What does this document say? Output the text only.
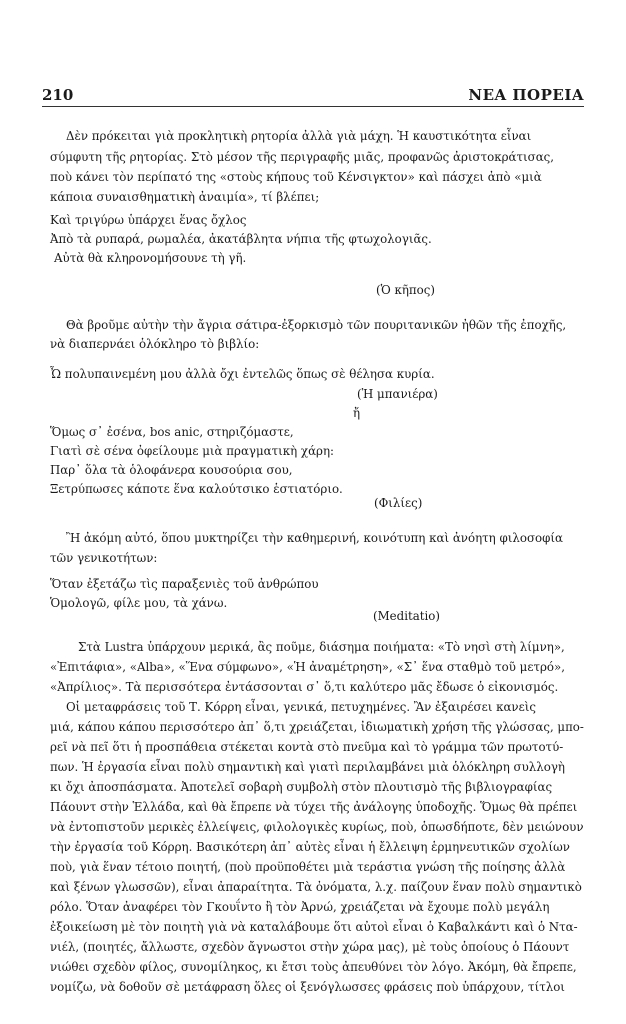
210	ΝΕΑ ΠΟΡΕΙΑ
Δὲν πρόκειται γιὰ προκλητικὴ ρητορία ἀλλὰ γιὰ μάχη. Ἡ καυστικότητα εἶναι
σύμφυτη τῆς ρητορίας. Στὸ μέσον τῆς περιγραφῆς μιᾶς, προφανῶς ἀριστοκράτισας,
ποὺ κάνει τὸν περίπατό της «στοὺς κήπους τοῦ Κένσιγκτον» καὶ πάσχει ἀπὸ «μιὰ
κάποια συναισθηματικὴ ἀναιμία», τί βλέπει;
Καὶ τριγύρω ὑπάρχει ἕνας ὄχλος
Ἀπὸ τὰ ρυπαρά, ρωμαλέα, ἀκατάβλητα νήπια τῆς φτωχολογιᾶς.
Αὐτὰ θὰ κληρονομήσουνε τὴ γῆ.
(Ὁ κῆπος)
Θὰ βροῦμε αὐτὴν τὴν ἄγρια σάτιρα-ἐξορκισμὸ τῶν πουριτανικῶν ἠθῶν τῆς ἐποχῆς,
νὰ διαπερνάει ὁλόκληρο τὸ βιβλίο:
Ὦ πολυπαινεμένη μου ἀλλὰ ὄχι ἐντελῶς ὅπως σὲ θέλησα κυρία.
(Ἡ μπανιέρα)
ἤ
Ὅμως σ᾽ ἐσένα, bos anic, στηριζόμαστε,
Γιατὶ σὲ σένα ὀφείλουμε μιὰ πραγματικὴ χάρη:
Παρ᾽ ὅλα τὰ ὁλοφάνερα κουσούρια σου,
Ξετρύπωσες κάποτε ἕνα καλούτσικο ἑστιατόριο.
(Φιλίες)
Ἢ ἀκόμη αὐτό, ὅπου μυκτηρίζει τὴν καθημερινή, κοινότυπη καὶ ἀνόητη φιλοσοφία
τῶν γενικοτήτων:
Ὅταν ἐξετάζω τὶς παραξενιὲς τοῦ ἀνθρώπου
Ὁμολογῶ, φίλε μου, τὰ χάνω.
(Meditatio)
Στὰ Lustra ὑπάρχουν μερικά, ἂς ποῦμε, διάσημα ποιήματα: «Τὸ νησὶ στὴ λίμνη»,
«Ἐπιτάφια», «Alba», «Ἕνα σύμφωνο», «Ἡ ἀναμέτρηση», «Σ᾽ ἕνα σταθμὸ τοῦ μετρό»,
«Ἀπρίλιος». Τὰ περισσότερα ἐντάσσονται σ᾽ ὅ,τι καλύτερο μᾶς ἔδωσε ὁ εἰκονισμός.
Οἱ μεταφράσεις τοῦ Τ. Κόρρη εἶναι, γενικά, πετυχημένες. Ἂν ἐξαιρέσει κανεὶς
μιά, κάπου κάπου περισσότερο ἀπ᾽ ὅ,τι χρειάζεται, ἰδιωματικὴ χρήση τῆς γλώσσας, μπο-
ρεῖ νὰ πεῖ ὅτι ἡ προσπάθεια στέκεται κοντὰ στὸ πνεῦμα καὶ τὸ γράμμα τῶν πρωτοτύ-
πων. Ἡ ἐργασία εἶναι πολὺ σημαντικὴ καὶ γιατὶ περιλαμβάνει μιὰ ὁλόκληρη συλλογὴ
κι ὄχι ἀποσπάσματα. Ἀποτελεῖ σοβαρὴ συμβολὴ στὸν πλουτισμὸ τῆς βιβλιογραφίας
Πάουντ στὴν Ἑλλάδα, καὶ θὰ ἔπρεπε νὰ τύχει τῆς ἀνάλογης ὑποδοχῆς. Ὅμως θὰ πρέπει
νὰ ἐντοπιστοῦν μερικὲς ἐλλείψεις, φιλολογικὲς κυρίως, ποὺ, ὁπωσδήποτε, δὲν μειώνουν
τὴν ἐργασία τοῦ Κόρρη. Βασικότερη ἀπ᾽ αὐτὲς εἶναι ἡ ἔλλειψη ἑρμηνευτικῶν σχολίων
ποὺ, γιὰ ἕναν τέτοιο ποιητή, (ποὺ προϋποθέτει μιὰ τεράστια γνώση τῆς ποίησης ἀλλὰ
καὶ ξένων γλωσσῶν), εἶναι ἀπαραίτητα. Τὰ ὀνόματα, λ.χ. παίζουν ἕναν πολὺ σημαντικὸ
ρόλο. Ὅταν ἀναφέρει τὸν Γκουΐντο ἢ τὸν Ἀρνώ, χρειάζεται νὰ ἔχουμε πολὺ μεγάλη
ἐξοικείωση μὲ τὸν ποιητὴ γιὰ νὰ καταλάβουμε ὅτι αὐτοὶ εἶναι ὁ Καβαλκάντι καὶ ὁ Ντα-
νιέλ, (ποιητές, ἄλλωστε, σχεδὸν ἄγνωστοι στὴν χώρα μας), μὲ τοὺς ὁποίους ὁ Πάουντ
νιώθει σχεδὸν φίλος, συνομίληκος, κι ἔτσι τοὺς ἀπευθύνει τὸν λόγο. Ἀκόμη, θὰ ἔπρεπε,
νομίζω, νὰ δοθοῦν σὲ μετάφραση ὅλες οἱ ξενόγλωσσες φράσεις ποὺ ὑπάρχουν, τίτλοι
